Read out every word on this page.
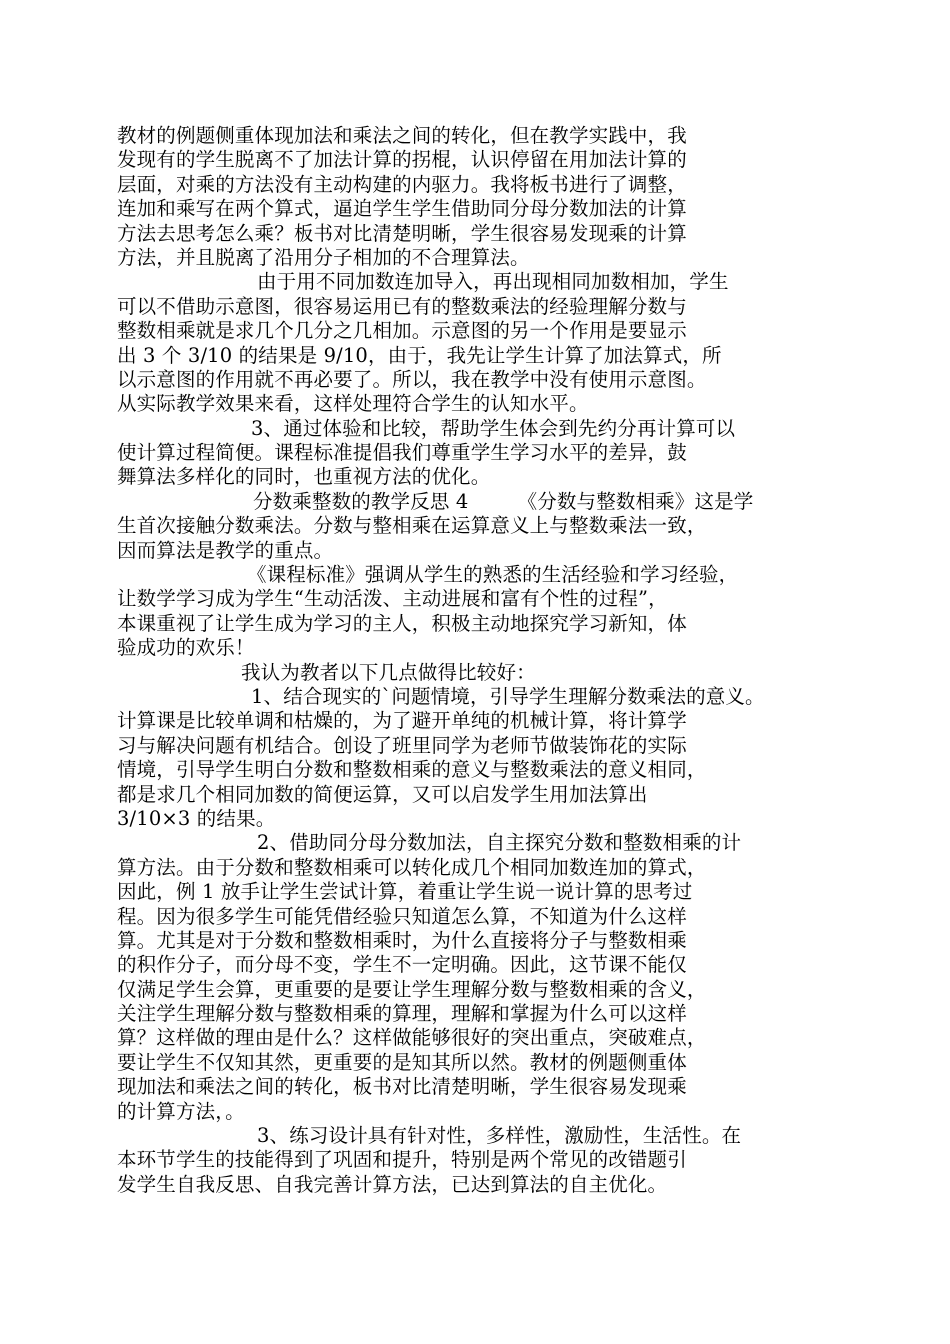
教材的例题侧重体现加法和乘法之间的转化，但在教学实践中，我
发现有的学生脱离不了加法计算的拐棍，认识停留在用加法计算的
层面，对乘的方法没有主动构建的内驱力。我将板书进行了调整，
连加和乘写在两个算式，逼迫学生学生借助同分母分数加法的计算
方法去思考怎么乘？板书对比清楚明晰，学生很容易发现乘的计算
方法，并且脱离了沿用分子相加的不合理算法。
由于用不同加数连加导入，再出现相同加数相加，学生
可以不借助示意图，很容易运用已有的整数乘法的经验理解分数与
整数相乘就是求几个几分之几相加。示意图的另一个作用是要显示
出 3 个 3/10 的结果是 9/10，由于，我先让学生计算了加法算式，所
以示意图的作用就不再必要了。所以，我在教学中没有使用示意图。
从实际教学效果来看，这样处理符合学生的认知水平。
3、通过体验和比较，帮助学生体会到先约分再计算可以
使计算过程简便。课程标准提倡我们尊重学生学习水平的差异，鼓
舞算法多样化的同时，也重视方法的优化。
分数乘整数的教学反思 4　　　《分数与整数相乘》这是学
生首次接触分数乘法。分数与整相乘在运算意义上与整数乘法一致，
因而算法是教学的重点。
《课程标准》强调从学生的熟悉的生活经验和学习经验，
让数学学习成为学生“生动活泼、主动进展和富有个性的过程”，
本课重视了让学生成为学习的主人，积极主动地探究学习新知，体
验成功的欢乐！
我认为教者以下几点做得比较好：
1、结合现实的`问题情境，引导学生理解分数乘法的意义。
计算课是比较单调和枯燥的，为了避开单纯的机械计算，将计算学
习与解决问题有机结合。创设了班里同学为老师节做装饰花的实际
情境，引导学生明白分数和整数相乘的意义与整数乘法的意义相同，
都是求几个相同加数的简便运算，又可以启发学生用加法算出
3/10×3 的结果。
2、借助同分母分数加法，自主探究分数和整数相乘的计
算方法。由于分数和整数相乘可以转化成几个相同加数连加的算式，
因此，例 1 放手让学生尝试计算，着重让学生说一说计算的思考过
程。因为很多学生可能凭借经验只知道怎么算，不知道为什么这样
算。尤其是对于分数和整数相乘时，为什么直接将分子与整数相乘
的积作分子，而分母不变，学生不一定明确。因此，这节课不能仅
仅满足学生会算，更重要的是要让学生理解分数与整数相乘的含义，
关注学生理解分数与整数相乘的算理，理解和掌握为什么可以这样
算？这样做的理由是什么？这样做能够很好的突出重点，突破难点，
要让学生不仅知其然，更重要的是知其所以然。教材的例题侧重体
现加法和乘法之间的转化，板书对比清楚明晰，学生很容易发现乘
的计算方法，。
3、练习设计具有针对性，多样性，激励性，生活性。在
本环节学生的技能得到了巩固和提升，特别是两个常见的改错题引
发学生自我反思、自我完善计算方法，已达到算法的自主优化。
